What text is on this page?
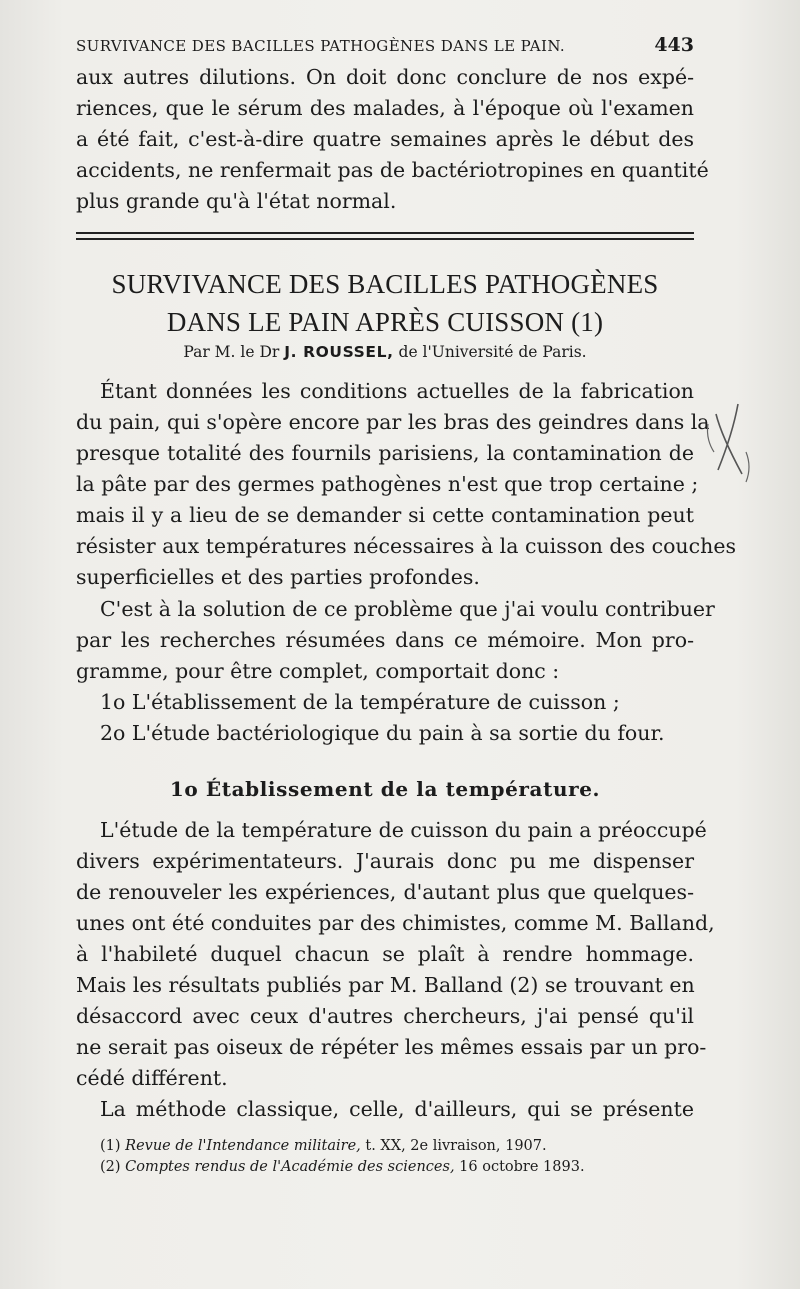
SURVIVANCE DES BACILLES PATHOGÈNES DANS LE PAIN.	443
aux autres dilutions. On doit donc conclure de nos expé-
riences, que le sérum des malades, à l'époque où l'examen
a été fait, c'est-à-dire quatre semaines après le début des
accidents, ne renfermait pas de bactériotropines en quantité
plus grande qu'à l'état normal.
SURVIVANCE DES BACILLES PATHOGÈNES
DANS LE PAIN APRÈS CUISSON (1)
Par M. le Dr J. ROUSSEL, de l'Université de Paris.
Étant données les conditions actuelles de la fabrication
du pain, qui s'opère encore par les bras des geindres dans la
presque totalité des fournils parisiens, la contamination de
la pâte par des germes pathogènes n'est que trop certaine ;
mais il y a lieu de se demander si cette contamination peut
résister aux températures nécessaires à la cuisson des couches
superficielles et des parties profondes.
C'est à la solution de ce problème que j'ai voulu contribuer
par les recherches résumées dans ce mémoire. Mon pro-
gramme, pour être complet, comportait donc :
1o L'établissement de la température de cuisson ;
2o L'étude bactériologique du pain à sa sortie du four.
1o Établissement de la température.
L'étude de la température de cuisson du pain a préoccupé
divers expérimentateurs. J'aurais donc pu me dispenser
de renouveler les expériences, d'autant plus que quelques-
unes ont été conduites par des chimistes, comme M. Balland,
à l'habileté duquel chacun se plaît à rendre hommage.
Mais les résultats publiés par M. Balland (2) se trouvant en
désaccord avec ceux d'autres chercheurs, j'ai pensé qu'il
ne serait pas oiseux de répéter les mêmes essais par un pro-
cédé différent.
La méthode classique, celle, d'ailleurs, qui se présente
(1) Revue de l'Intendance militaire, t. XX, 2e livraison, 1907.
(2) Comptes rendus de l'Académie des sciences, 16 octobre 1893.
